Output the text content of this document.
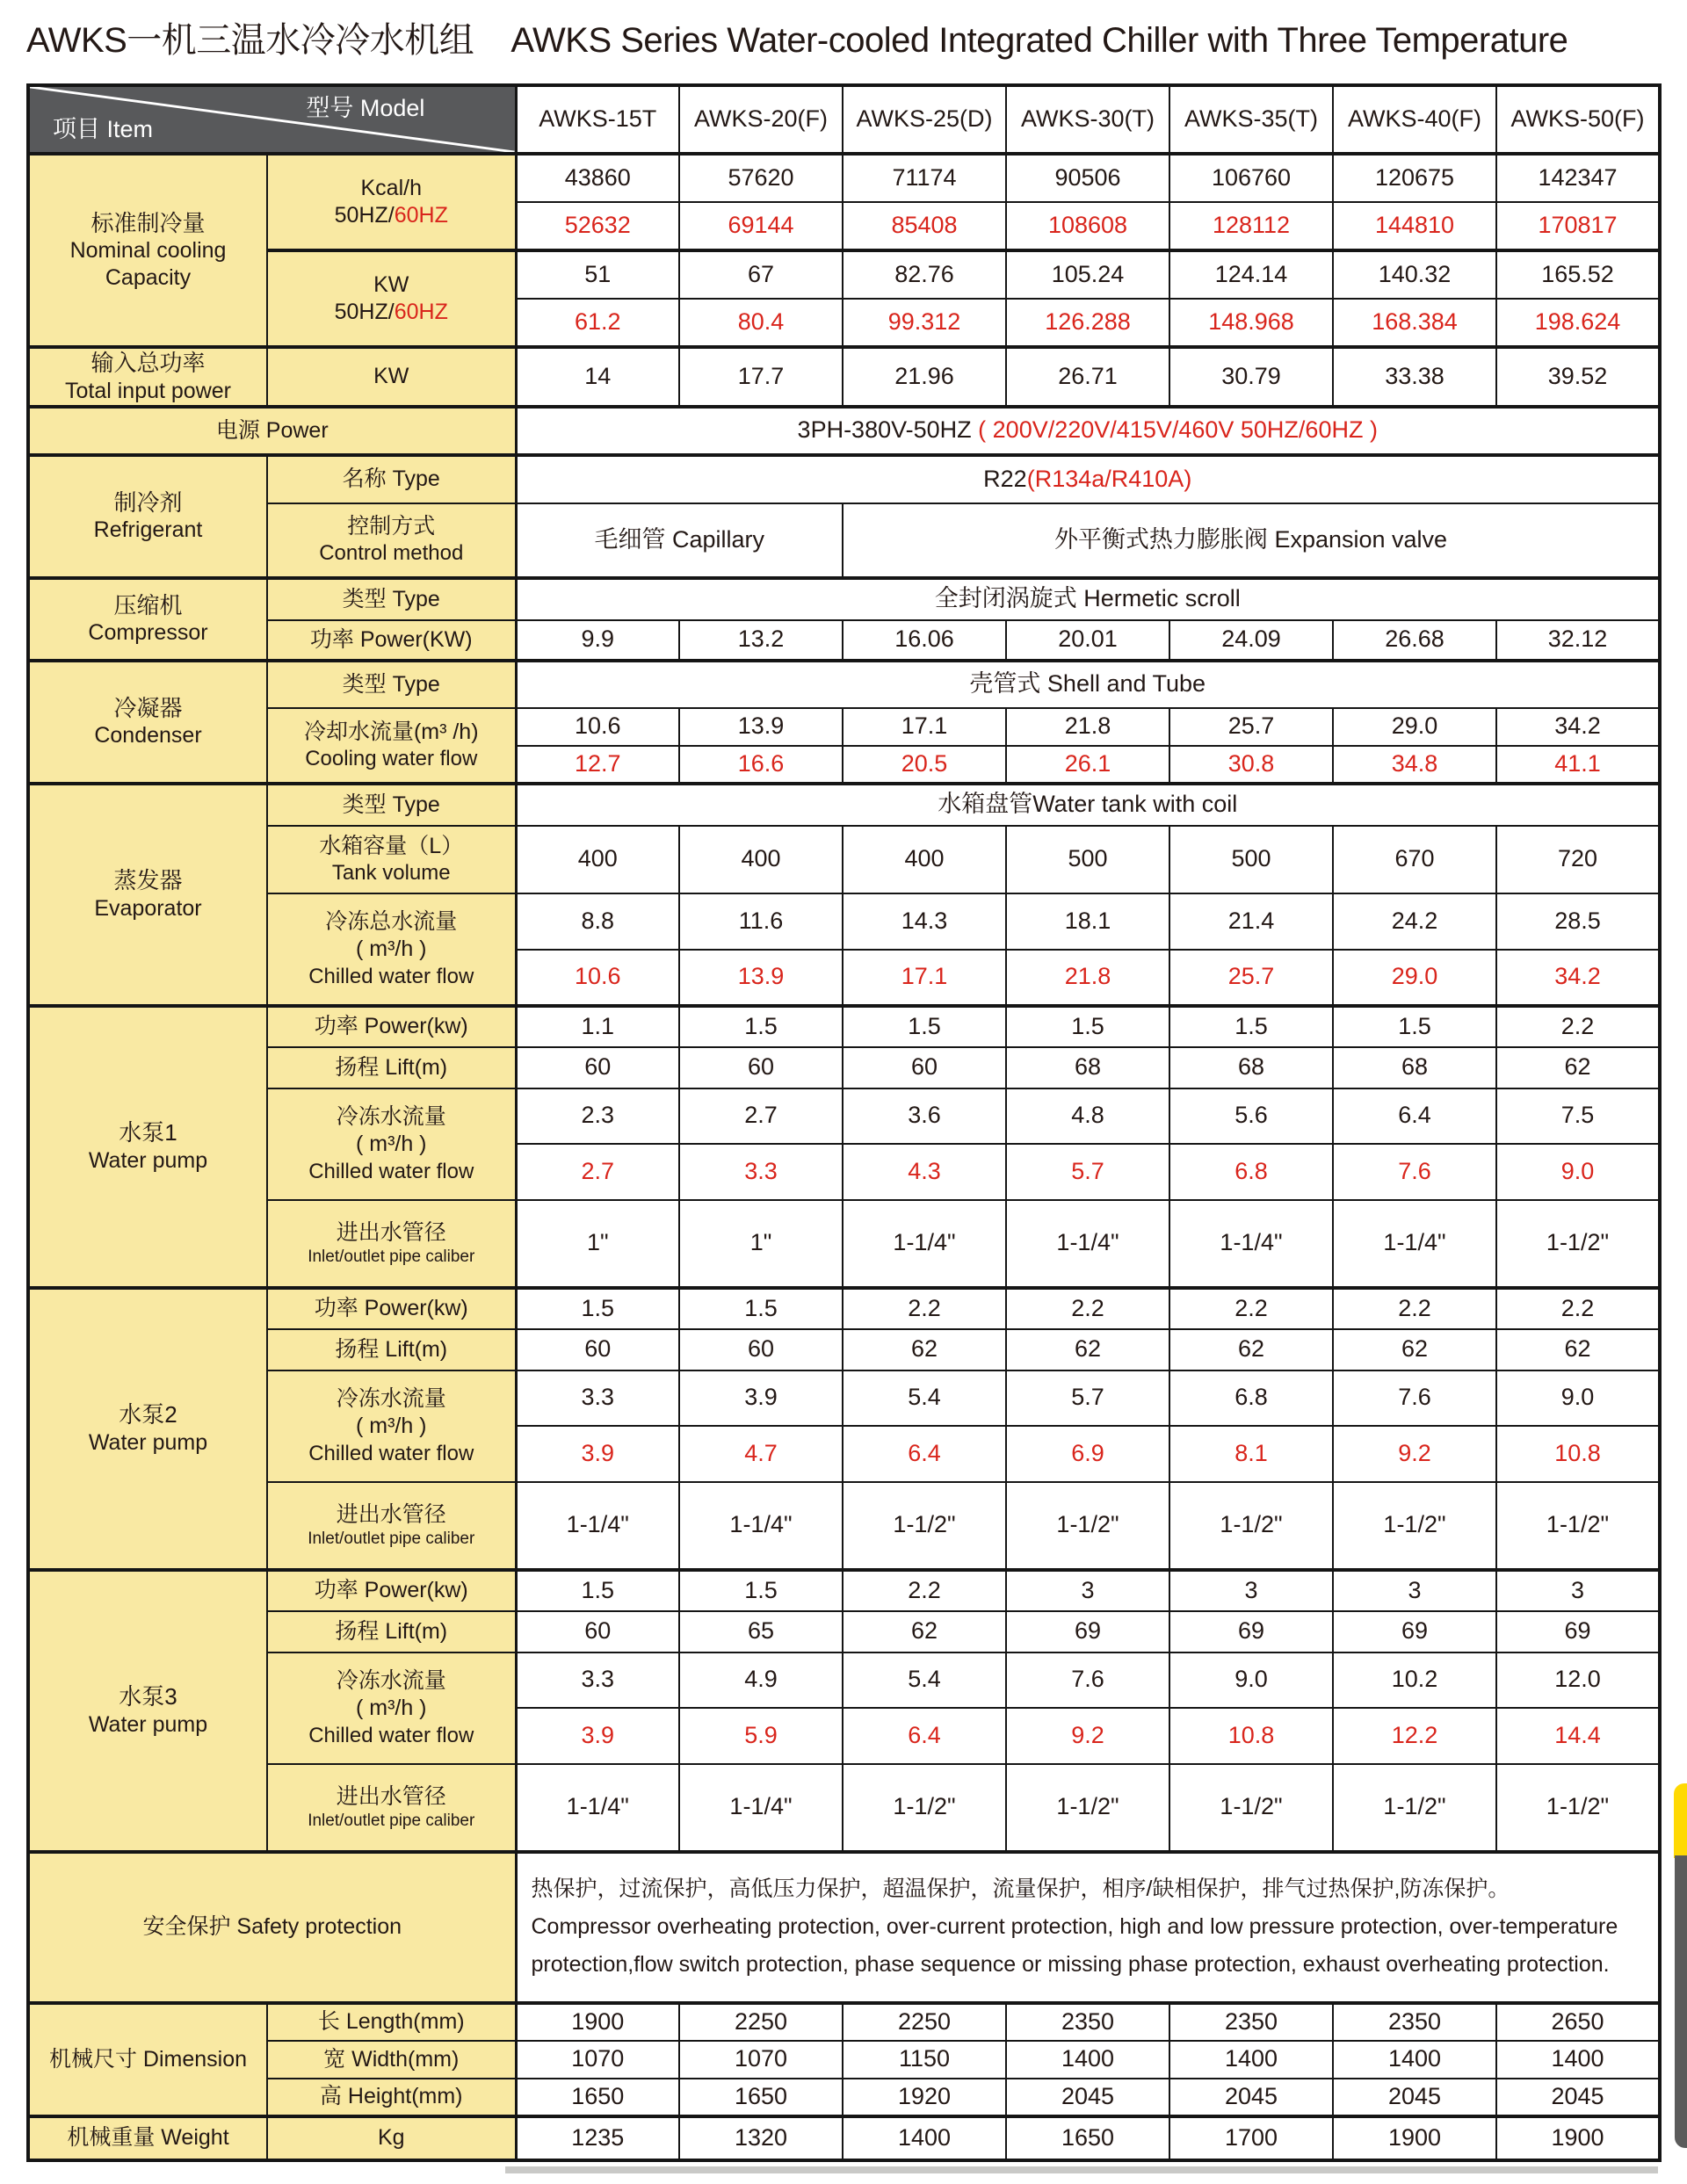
AWKS一机三温水冷冷水机组 AWKS Series Water-cooled Integrated Chiller with Three Temperature
型号 Model
项目 Item		AWKS-15T	AWKS-20(F)	AWKS-25(D)	AWKS-30(T)	AWKS-35(T)	AWKS-40(F)	AWKS-50(F)

标准制冷量
Nominal cooling
Capacity

Kcal/h
50HZ/60HZ
	43860	57620	71174	90506	106760	120675	142347
		52632	69144	85408	108608	128112	144810	170817

	KW
50HZ/60HZ	51	67	82.76	105.24	124.14	140.32	165.52
		61.2	80.4	99.312	126.288	148.968	168.384	198.624

输入总功率
Total input power	KW	14	17.7	21.96	26.71	30.79	33.38	39.52
电源 Power		3PH-380V-50HZ ( 200V/220V/415V/460V 50HZ/60HZ )						

制冷剂
Refrigerant	名称 Type	R22(R134a/R410A)						

	控制方式
Control method	毛细管 Capillary		外平衡式热力膨胀阀 Expansion valve				

压缩机
Compressor	类型 Type	全封闭涡旋式 Hermetic scroll						

	功率 Power(KW)	9.9	13.2	16.06	20.01	24.09	26.68	32.12

冷凝器
Condenser	类型 Type	壳管式 Shell and Tube						

	冷却水流量(m³ /h)
Cooling water flow	10.6	13.9	17.1	21.8	25.7	29.0	34.2
		12.7	16.6	20.5	26.1	30.8	34.8	41.1

蒸发器
Evaporator	类型 Type	水箱盘管Water tank with coil						

	水箱容量（L）
Tank volume	400	400	400	500	500	670	720

	冷冻总水流量
( m³/h )
Chilled water flow	8.8	11.6	14.3	18.1	21.4	24.2	28.5
		10.6	13.9	17.1	21.8	25.7	29.0	34.2

水泵1
Water pump	功率 Power(kw)	1.1	1.5	1.5	1.5	1.5	1.5	2.2

	扬程 Lift(m)	60	60	60	68	68	68	62

	冷冻水流量
( m³/h )
Chilled water flow	2.3	2.7	3.6	4.8	5.6	6.4	7.5
		2.7	3.3	4.3	5.7	6.8	7.6	9.0

	进出水管径
Inlet/outlet pipe caliber	1"	1"	1-1/4"	1-1/4"	1-1/4"	1-1/4"	1-1/2"

水泵2
Water pump	功率 Power(kw)	1.5	1.5	2.2	2.2	2.2	2.2	2.2

	扬程 Lift(m)	60	60	62	62	62	62	62

	冷冻水流量
( m³/h )
Chilled water flow	3.3	3.9	5.4	5.7	6.8	7.6	9.0
		3.9	4.7	6.4	6.9	8.1	9.2	10.8

	进出水管径
Inlet/outlet pipe caliber	1-1/4"	1-1/4"	1-1/2"	1-1/2"	1-1/2"	1-1/2"	1-1/2"

水泵3
Water pump	功率 Power(kw)	1.5	1.5	2.2	3	3	3	3

	扬程 Lift(m)	60	65	62	69	69	69	69

	冷冻水流量
( m³/h )
Chilled water flow	3.3	4.9	5.4	7.6	9.0	10.2	12.0
		3.9	5.9	6.4	9.2	10.8	12.2	14.4

	进出水管径
Inlet/outlet pipe caliber	1-1/4"	1-1/4"	1-1/2"	1-1/2"	1-1/2"	1-1/2"	1-1/2"
安全保护 Safety protection		热保护，过流保护，高低压力保护，超温保护，流量保护，相序/缺相保护，排气过热保护,防冻保护。
Compressor overheating protection, over-current protection, high and low pressure protection, over-temperature protection,flow switch protection, phase sequence or missing phase protection, exhaust overheating protection.						

机械尺寸 Dimension	长 Length(mm)	1900	2250	2250	2350	2350	2350	2650

	宽 Width(mm)	1070	1070	1150	1400	1400	1400	1400

	高 Height(mm)	1650	1650	1920	2045	2045	2045	2045
机械重量 Weight	Kg	1235	1320	1400	1650	1700	1900	1900
